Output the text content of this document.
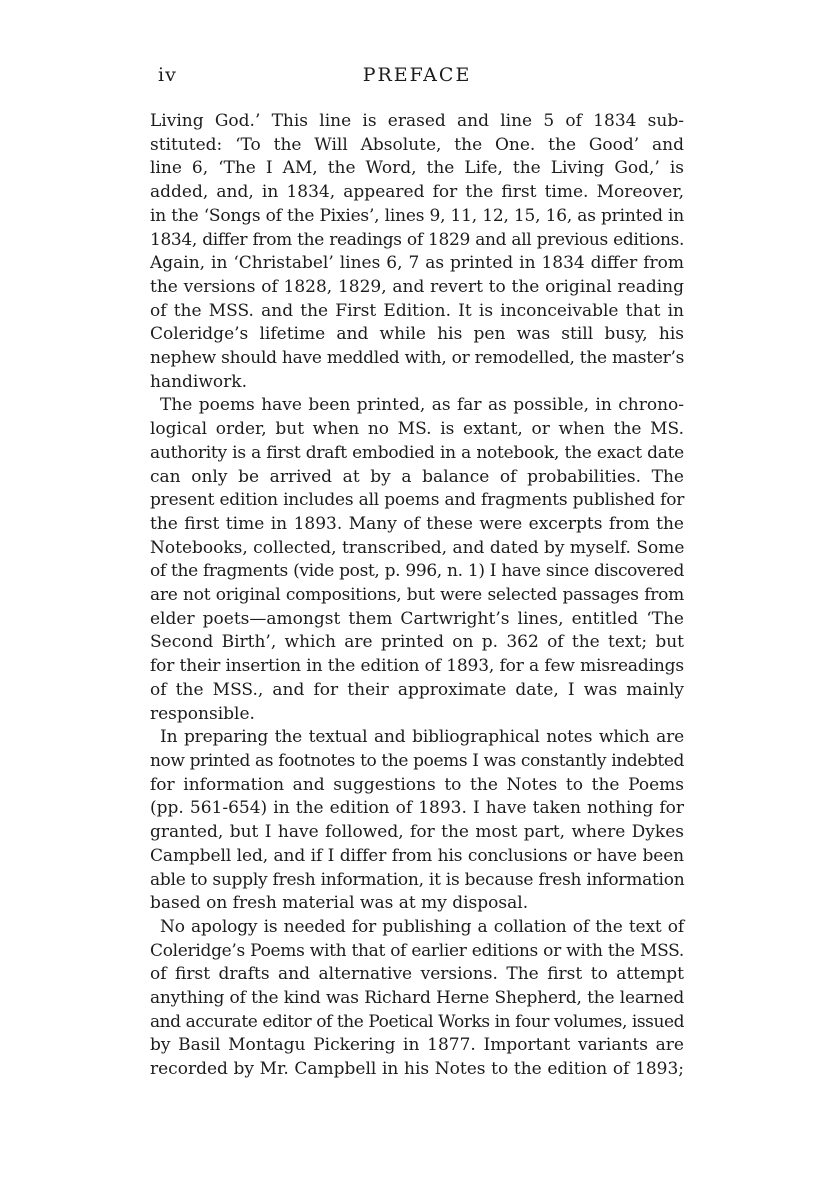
iv	PREFACE
Living God.’ This line is erased and line 5 of 1834 sub-
stituted: ‘To the Will Absolute, the One. the Good’ and
line 6, ‘The I AM, the Word, the Life, the Living God,’ is
added, and, in 1834, appeared for the first time. Moreover,
in the ‘Songs of the Pixies’, lines 9, 11, 12, 15, 16, as printed in
1834, differ from the readings of 1829 and all previous editions.
Again, in ‘Christabel’ lines 6, 7 as printed in 1834 differ from
the versions of 1828, 1829, and revert to the original reading
of the MSS. and the First Edition. It is inconceivable that in
Coleridge’s lifetime and while his pen was still busy, his
nephew should have meddled with, or remodelled, the master’s
handiwork.
The poems have been printed, as far as possible, in chrono-
logical order, but when no MS. is extant, or when the MS.
authority is a first draft embodied in a notebook, the exact date
can only be arrived at by a balance of probabilities. The
present edition includes all poems and fragments published for
the first time in 1893. Many of these were excerpts from the
Notebooks, collected, transcribed, and dated by myself. Some
of the fragments (vide post, p. 996, n. 1) I have since discovered
are not original compositions, but were selected passages from
elder poets—amongst them Cartwright’s lines, entitled ‘The
Second Birth’, which are printed on p. 362 of the text; but
for their insertion in the edition of 1893, for a few misreadings
of the MSS., and for their approximate date, I was mainly
responsible.
In preparing the textual and bibliographical notes which are
now printed as footnotes to the poems I was constantly indebted
for information and suggestions to the Notes to the Poems
(pp. 561-654) in the edition of 1893. I have taken nothing for
granted, but I have followed, for the most part, where Dykes
Campbell led, and if I differ from his conclusions or have been
able to supply fresh information, it is because fresh information
based on fresh material was at my disposal.
No apology is needed for publishing a collation of the text of
Coleridge’s Poems with that of earlier editions or with the MSS.
of first drafts and alternative versions. The first to attempt
anything of the kind was Richard Herne Shepherd, the learned
and accurate editor of the Poetical Works in four volumes, issued
by Basil Montagu Pickering in 1877. Important variants are
recorded by Mr. Campbell in his Notes to the edition of 1893;
